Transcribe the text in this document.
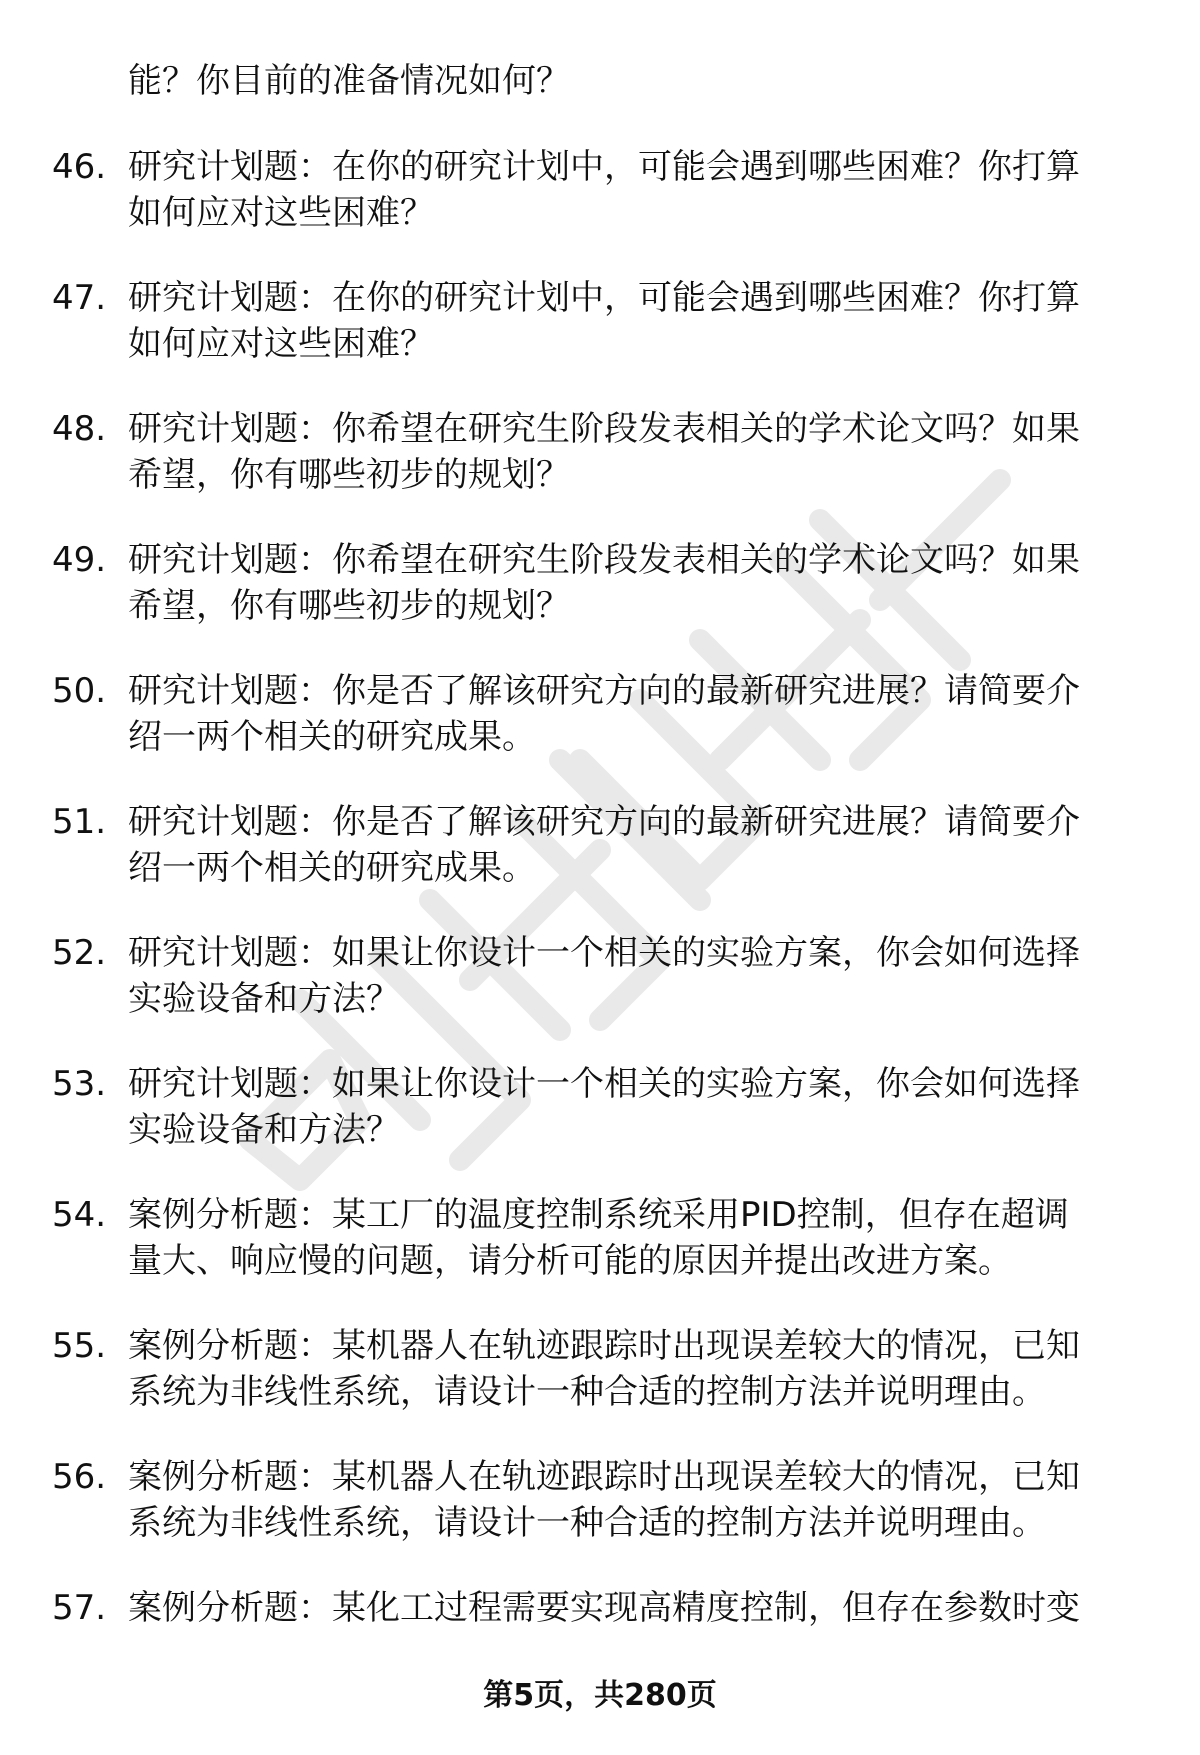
能？你目前的准备情况如何？
46. 研究计划题：在你的研究计划中，可能会遇到哪些困难？你打算
如何应对这些困难？
47. 研究计划题：在你的研究计划中，可能会遇到哪些困难？你打算
如何应对这些困难？
48. 研究计划题：你希望在研究生阶段发表相关的学术论文吗？如果
希望，你有哪些初步的规划？
49. 研究计划题：你希望在研究生阶段发表相关的学术论文吗？如果
希望，你有哪些初步的规划？
50. 研究计划题：你是否了解该研究方向的最新研究进展？请简要介
绍一两个相关的研究成果。
51. 研究计划题：你是否了解该研究方向的最新研究进展？请简要介
绍一两个相关的研究成果。
52. 研究计划题：如果让你设计一个相关的实验方案，你会如何选择
实验设备和方法？
53. 研究计划题：如果让你设计一个相关的实验方案，你会如何选择
实验设备和方法？
54. 案例分析题：某工厂的温度控制系统采用PID控制，但存在超调
量大、响应慢的问题，请分析可能的原因并提出改进方案。
55. 案例分析题：某机器人在轨迹跟踪时出现误差较大的情况，已知
系统为非线性系统，请设计一种合适的控制方法并说明理由。
56. 案例分析题：某机器人在轨迹跟踪时出现误差较大的情况，已知
系统为非线性系统，请设计一种合适的控制方法并说明理由。
57. 案例分析题：某化工过程需要实现高精度控制，但存在参数时变
第5页，共280页
